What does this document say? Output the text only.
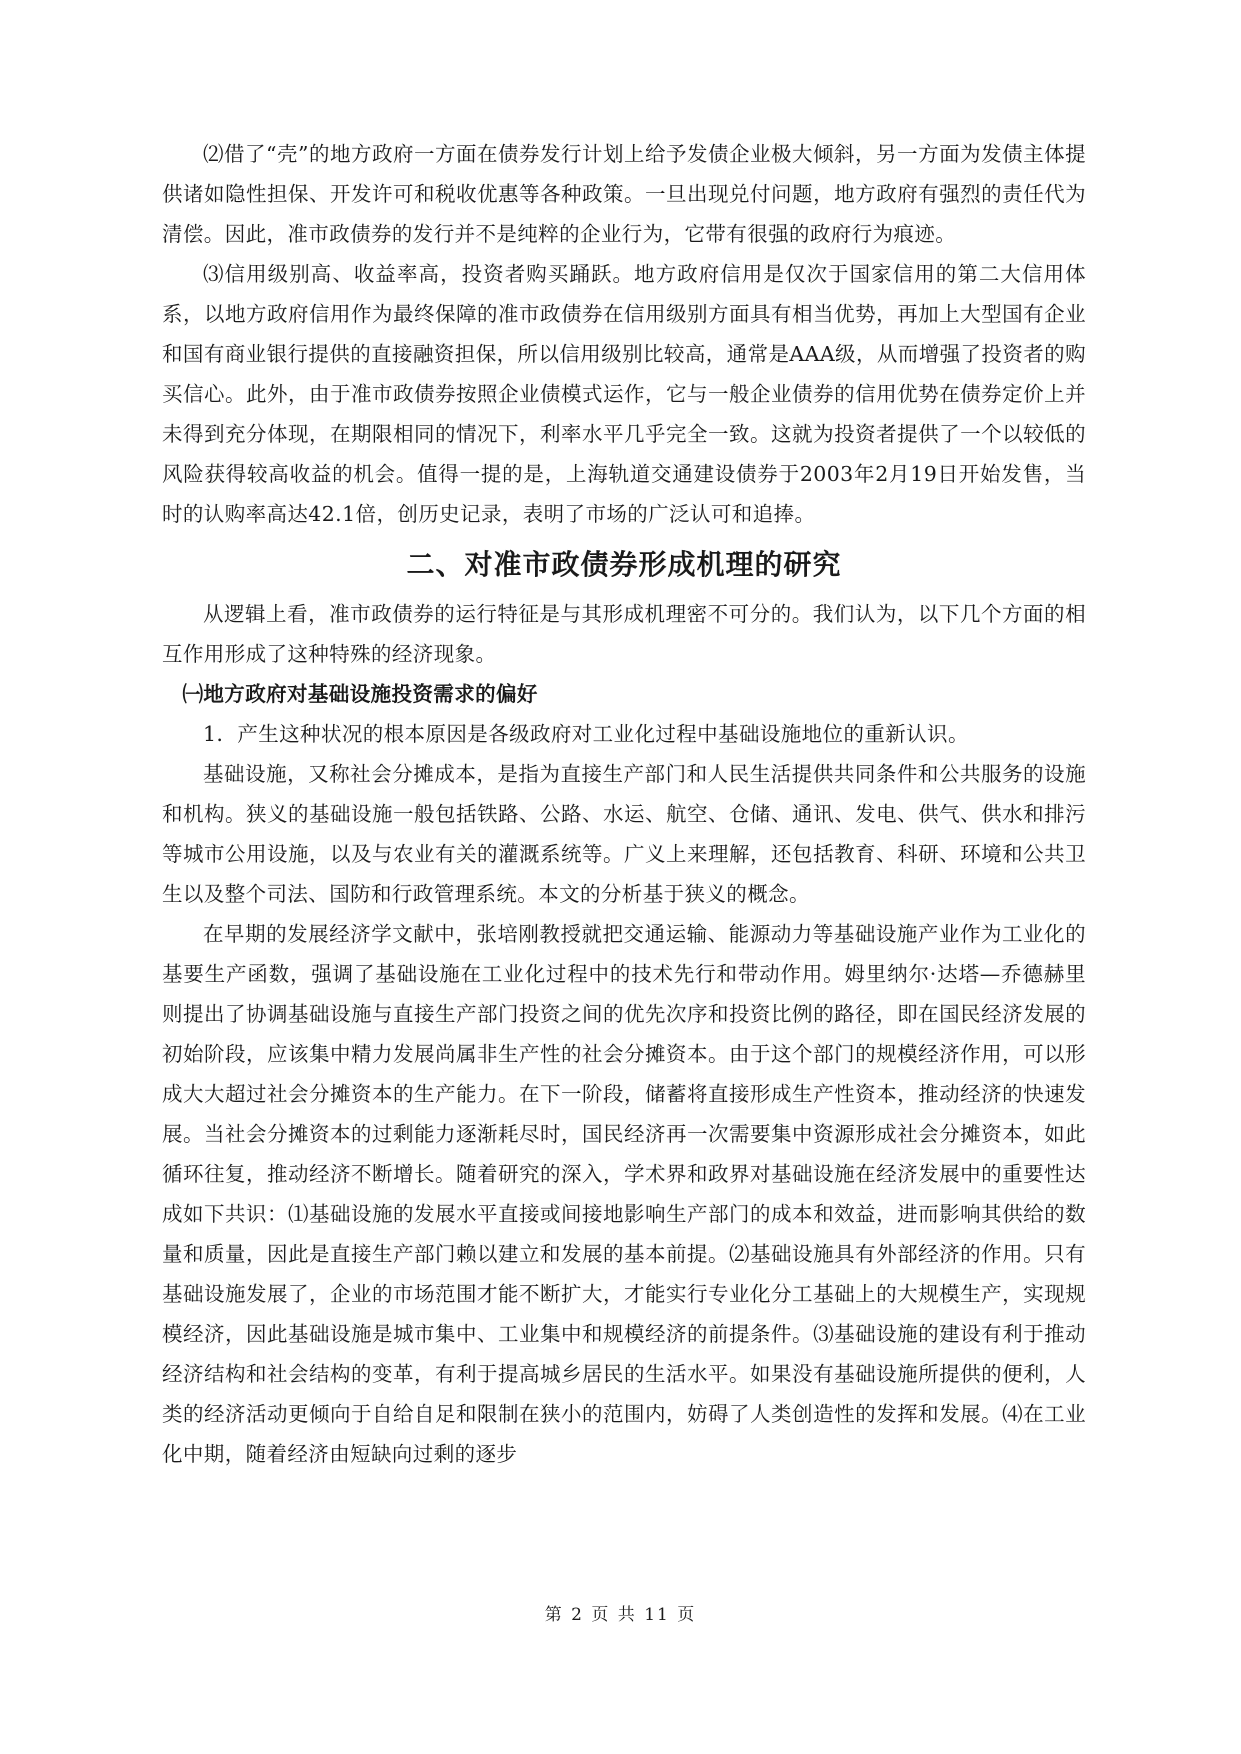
⑵借了“壳”的地方政府一方面在债券发行计划上给予发债企业极大倾斜，另一方面为发债主体提供诸如隐性担保、开发许可和税收优惠等各种政策。一旦出现兑付问题，地方政府有强烈的责任代为清偿。因此，准市政债券的发行并不是纯粹的企业行为，它带有很强的政府行为痕迹。

⑶信用级别高、收益率高，投资者购买踊跃。地方政府信用是仅次于国家信用的第二大信用体系，以地方政府信用作为最终保障的准市政债券在信用级别方面具有相当优势，再加上大型国有企业和国有商业银行提供的直接融资担保，所以信用级别比较高，通常是AAA级，从而增强了投资者的购买信心。此外，由于准市政债券按照企业债模式运作，它与一般企业债券的信用优势在债券定价上并未得到充分体现，在期限相同的情况下，利率水平几乎完全一致。这就为投资者提供了一个以较低的风险获得较高收益的机会。值得一提的是，上海轨道交通建设债券于2003年2月19日开始发售，当时的认购率高达42.1倍，创历史记录，表明了市场的广泛认可和追捧。

二、对准市政债券形成机理的研究

从逻辑上看，准市政债券的运行特征是与其形成机理密不可分的。我们认为，以下几个方面的相互作用形成了这种特殊的经济现象。

㈠地方政府对基础设施投资需求的偏好

1．产生这种状况的根本原因是各级政府对工业化过程中基础设施地位的重新认识。

基础设施，又称社会分摊成本，是指为直接生产部门和人民生活提供共同条件和公共服务的设施和机构。狭义的基础设施一般包括铁路、公路、水运、航空、仓储、通讯、发电、供气、供水和排污等城市公用设施，以及与农业有关的灌溉系统等。广义上来理解，还包括教育、科研、环境和公共卫生以及整个司法、国防和行政管理系统。本文的分析基于狭义的概念。

在早期的发展经济学文献中，张培刚教授就把交通运输、能源动力等基础设施产业作为工业化的基要生产函数，强调了基础设施在工业化过程中的技术先行和带动作用。姆里纳尔·达塔—乔德赫里则提出了协调基础设施与直接生产部门投资之间的优先次序和投资比例的路径，即在国民经济发展的初始阶段，应该集中精力发展尚属非生产性的社会分摊资本。由于这个部门的规模经济作用，可以形成大大超过社会分摊资本的生产能力。在下一阶段，储蓄将直接形成生产性资本，推动经济的快速发展。当社会分摊资本的过剩能力逐渐耗尽时，国民经济再一次需要集中资源形成社会分摊资本，如此循环往复，推动经济不断增长。随着研究的深入，学术界和政界对基础设施在经济发展中的重要性达成如下共识：⑴基础设施的发展水平直接或间接地影响生产部门的成本和效益，进而影响其供给的数量和质量，因此是直接生产部门赖以建立和发展的基本前提。⑵基础设施具有外部经济的作用。只有基础设施发展了，企业的市场范围才能不断扩大，才能实行专业化分工基础上的大规模生产，实现规模经济，因此基础设施是城市集中、工业集中和规模经济的前提条件。⑶基础设施的建设有利于推动经济结构和社会结构的变革，有利于提高城乡居民的生活水平。如果没有基础设施所提供的便利，人类的经济活动更倾向于自给自足和限制在狭小的范围内，妨碍了人类创造性的发挥和发展。⑷在工业化中期，随着经济由短缺向过剩的逐步

第 2 页 共 11 页
